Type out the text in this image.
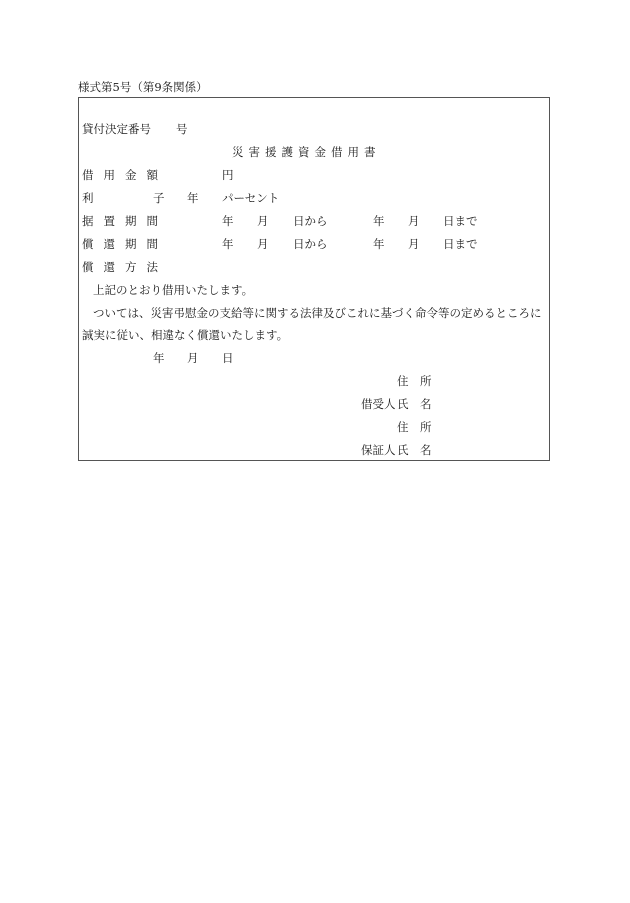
様式第5号（第9条関係）
貸付決定番号 号
災害援護資金借用書
借用金額	円
利	子 年 パーセント
据置期間	年 月 日から	年 月 日まで
償還期間	年 月 日から	年 月 日まで
償還方法
上記のとおり借用いたします。
ついては、災害弔慰金の支給等に関する法律及びこれに基づく命令等の定めるところに
誠実に従い、相違なく償還いたします。
年 月 日
住　所
借受人 氏　名
住　所
保証人 氏　名
